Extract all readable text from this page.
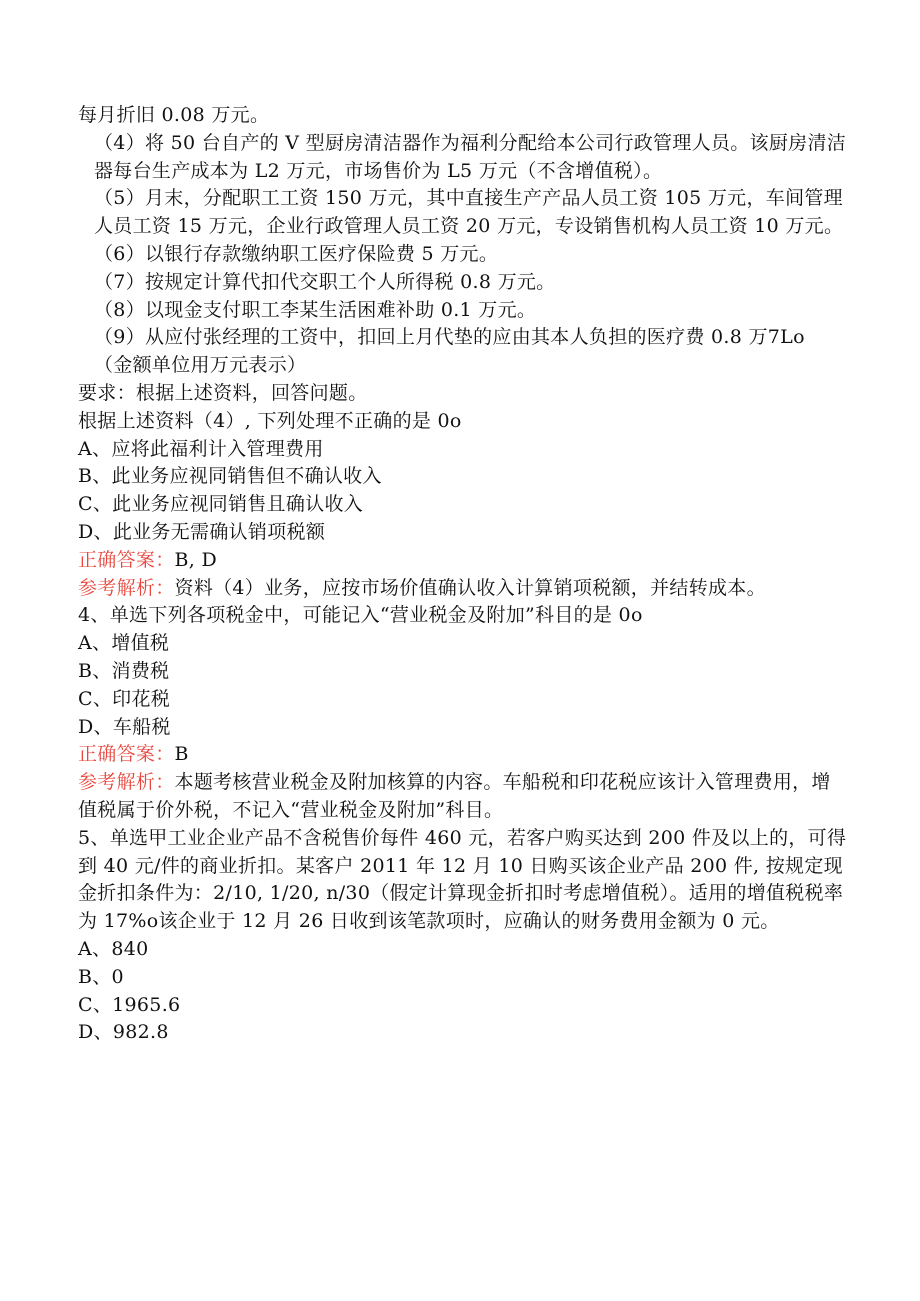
每月折旧 0.08 万元。

（4）将 50 台自产的 V 型厨房清洁器作为福利分配给本公司行政管理人员。该厨房清洁器每台生产成本为 L2 万元，市场售价为 L5 万元（不含增值税）。

（5）月末，分配职工工资 150 万元，其中直接生产产品人员工资 105 万元，车间管理人员工资 15 万元，企业行政管理人员工资 20 万元，专设销售机构人员工资 10 万元。

（6）以银行存款缴纳职工医疗保险费 5 万元。

（7）按规定计算代扣代交职工个人所得税 0.8 万元。

（8）以现金支付职工李某生活困难补助 0.1 万元。

（9）从应付张经理的工资中，扣回上月代垫的应由其本人负担的医疗费 0.8 万7Lo

（金额单位用万元表示）

要求：根据上述资料，回答问题。

根据上述资料（4）, 下列处理不正确的是 0o

A、应将此福利计入管理费用

B、此业务应视同销售但不确认收入

C、此业务应视同销售且确认收入

D、此业务无需确认销项税额

正确答案：B, D

参考解析：资料（4）业务，应按市场价值确认收入计算销项税额，并结转成本。

4、单选下列各项税金中，可能记入“营业税金及附加”科目的是 0o

A、增值税

B、消费税

C、印花税

D、车船税

正确答案：B

参考解析：本题考核营业税金及附加核算的内容。车船税和印花税应该计入管理费用，增值税属于价外税，不记入“营业税金及附加”科目。

5、单选甲工业企业产品不含税售价每件 460 元，若客户购买达到 200 件及以上的，可得到 40 元/件的商业折扣。某客户 2011 年 12 月 10 日购买该企业产品 200 件, 按规定现金折扣条件为：2/10, 1/20, n/30（假定计算现金折扣时考虑增值税）。适用的增值税税率为 17%o该企业于 12 月 26 日收到该笔款项时，应确认的财务费用金额为 0 元。

A、840

B、0

C、1965.6

D、982.8
